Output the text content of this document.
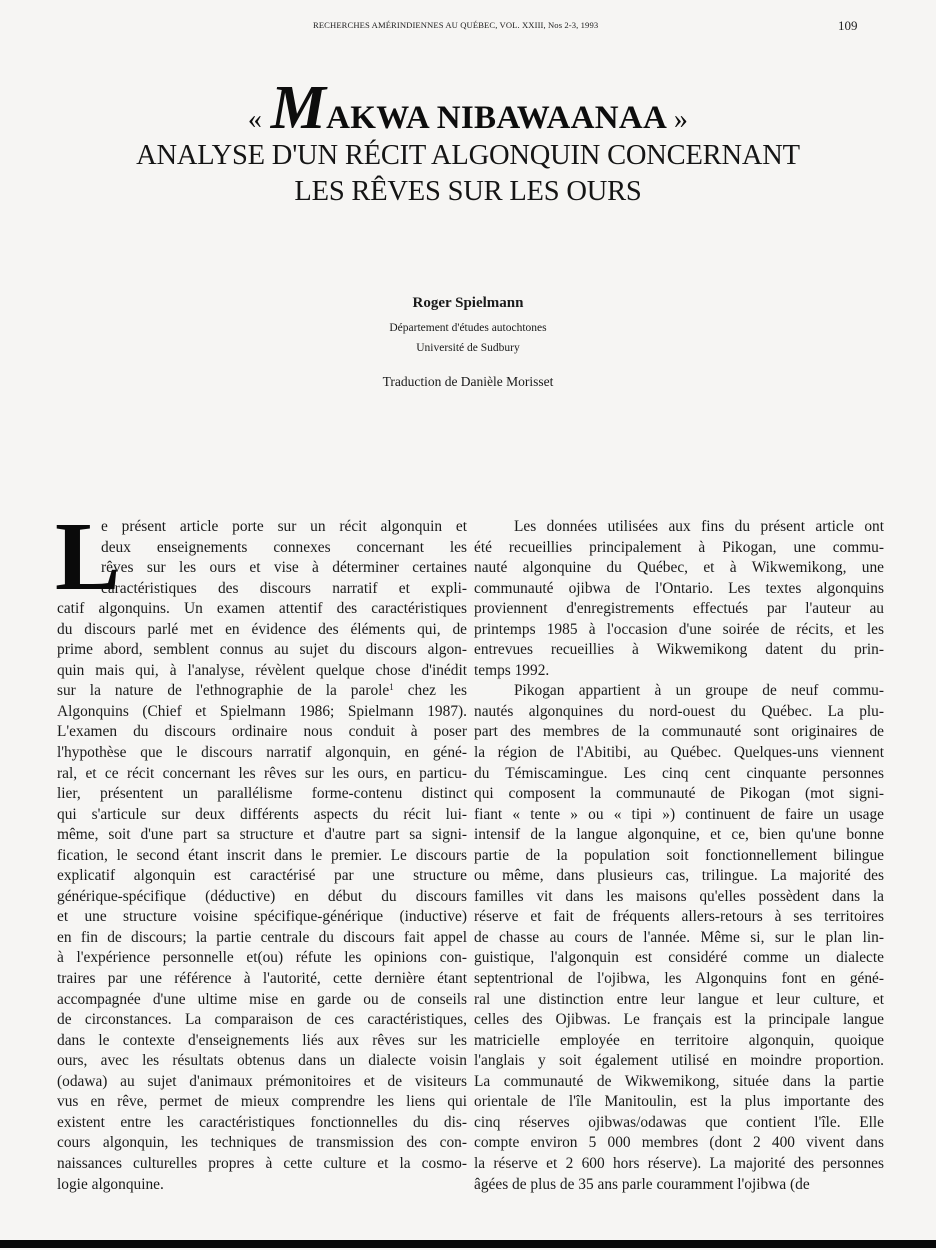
RECHERCHES AMÉRINDIENNES AU QUÉBEC, VOL. XXIII, Nos 2-3, 1993	109
« MAKWA NIBAWAANAA »
ANALYSE D'UN RÉCIT ALGONQUIN CONCERNANT
LES RÊVES SUR LES OURS
Roger Spielmann
Département d'études autochtones
Université de Sudbury
Traduction de Danièle Morisset
L
e présent article porte sur un récit algonquin et
deux enseignements connexes concernant les
rêves sur les ours et vise à déterminer certaines
caractéristiques des discours narratif et expli-
catif algonquins. Un examen attentif des caractéristiques
du discours parlé met en évidence des éléments qui, de
prime abord, semblent connus au sujet du discours algon-
quin mais qui, à l'analyse, révèlent quelque chose d'inédit
sur la nature de l'ethnographie de la parole$^1$ chez les
Algonquins (Chief et Spielmann 1986; Spielmann 1987).
L'examen du discours ordinaire nous conduit à poser
l'hypothèse que le discours narratif algonquin, en géné-
ral, et ce récit concernant les rêves sur les ours, en particu-
lier, présentent un parallélisme forme-contenu distinct
qui s'articule sur deux différents aspects du récit lui-
même, soit d'une part sa structure et d'autre part sa signi-
fication, le second étant inscrit dans le premier. Le discours
explicatif algonquin est caractérisé par une structure
générique-spécifique (déductive) en début du discours
et une structure voisine spécifique-générique (inductive)
en fin de discours; la partie centrale du discours fait appel
à l'expérience personnelle et(ou) réfute les opinions con-
traires par une référence à l'autorité, cette dernière étant
accompagnée d'une ultime mise en garde ou de conseils
de circonstances. La comparaison de ces caractéristiques,
dans le contexte d'enseignements liés aux rêves sur les
ours, avec les résultats obtenus dans un dialecte voisin
(odawa) au sujet d'animaux prémonitoires et de visiteurs
vus en rêve, permet de mieux comprendre les liens qui
existent entre les caractéristiques fonctionnelles du dis-
cours algonquin, les techniques de transmission des con-
naissances culturelles propres à cette culture et la cosmo-
logie algonquine.
Les données utilisées aux fins du présent article ont
été recueillies principalement à Pikogan, une commu-
nauté algonquine du Québec, et à Wikwemikong, une
communauté ojibwa de l'Ontario. Les textes algonquins
proviennent d'enregistrements effectués par l'auteur au
printemps 1985 à l'occasion d'une soirée de récits, et les
entrevues recueillies à Wikwemikong datent du prin-
temps 1992.
Pikogan appartient à un groupe de neuf commu-
nautés algonquines du nord-ouest du Québec. La plu-
part des membres de la communauté sont originaires de
la région de l'Abitibi, au Québec. Quelques-uns viennent
du Témiscamingue. Les cinq cent cinquante personnes
qui composent la communauté de Pikogan (mot signi-
fiant « tente » ou « tipi ») continuent de faire un usage
intensif de la langue algonquine, et ce, bien qu'une bonne
partie de la population soit fonctionnellement bilingue
ou même, dans plusieurs cas, trilingue. La majorité des
familles vit dans les maisons qu'elles possèdent dans la
réserve et fait de fréquents allers-retours à ses territoires
de chasse au cours de l'année. Même si, sur le plan lin-
guistique, l'algonquin est considéré comme un dialecte
septentrional de l'ojibwa, les Algonquins font en géné-
ral une distinction entre leur langue et leur culture, et
celles des Ojibwas. Le français est la principale langue
matricielle employée en territoire algonquin, quoique
l'anglais y soit également utilisé en moindre proportion.
La communauté de Wikwemikong, située dans la partie
orientale de l'île Manitoulin, est la plus importante des
cinq réserves ojibwas/odawas que contient l'île. Elle
compte environ 5 000 membres (dont 2 400 vivent dans
la réserve et 2 600 hors réserve). La majorité des personnes
âgées de plus de 35 ans parle couramment l'ojibwa (de
